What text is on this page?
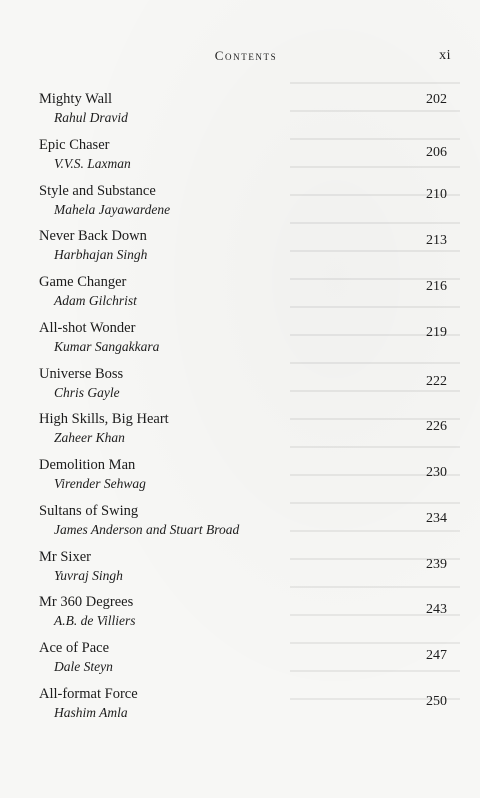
Contents	xi
Mighty Wall
Rahul Dravid
202
Epic Chaser
V.V.S. Laxman
206
Style and Substance
Mahela Jayawardene
210
Never Back Down
Harbhajan Singh
213
Game Changer
Adam Gilchrist
216
All-shot Wonder
Kumar Sangakkara
219
Universe Boss
Chris Gayle
222
High Skills, Big Heart
Zaheer Khan
226
Demolition Man
Virender Sehwag
230
Sultans of Swing
James Anderson and Stuart Broad
234
Mr Sixer
Yuvraj Singh
239
Mr 360 Degrees
A.B. de Villiers
243
Ace of Pace
Dale Steyn
247
All-format Force
Hashim Amla
250
